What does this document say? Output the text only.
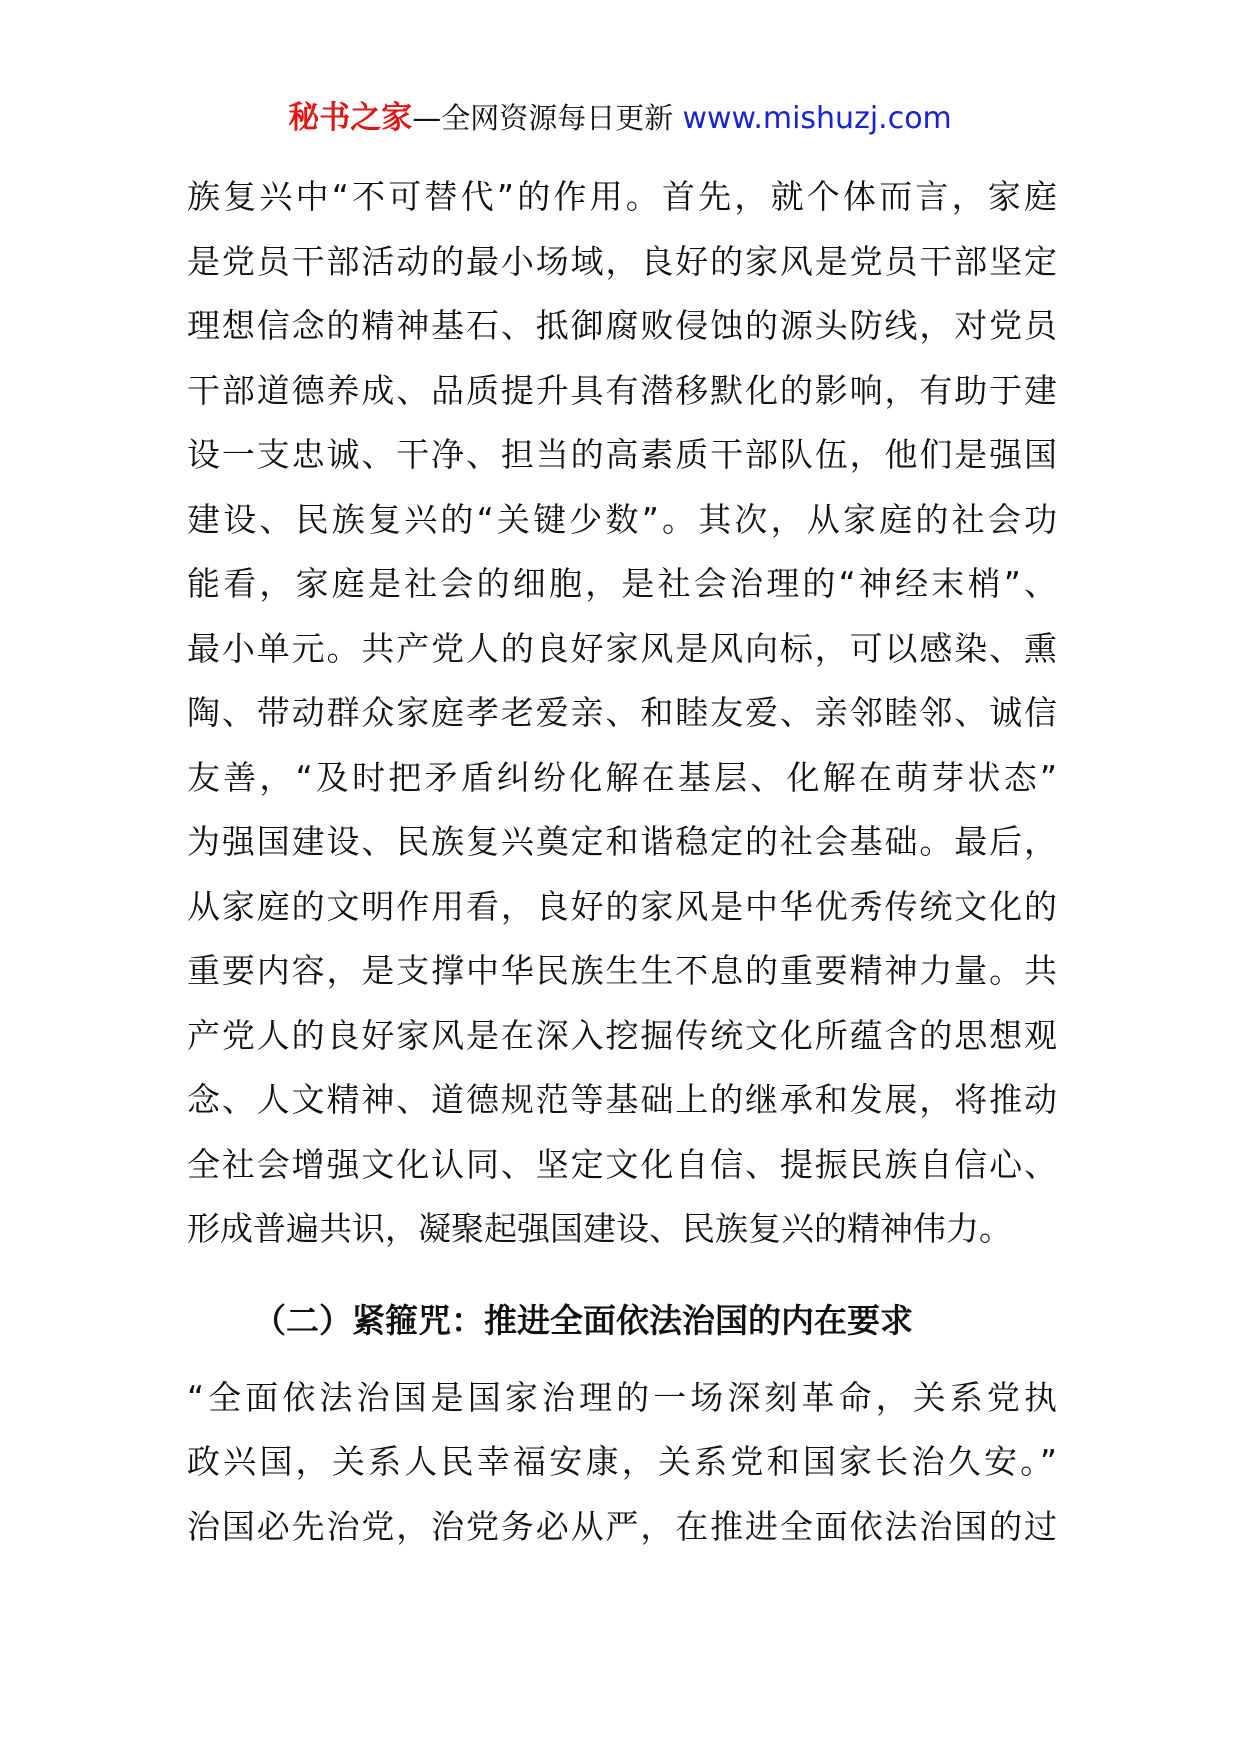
秘书之家—全网资源每日更新 www.mishuzj.com
族复兴中“不可替代”的作用。首先，就个体而言，家庭
是党员干部活动的最小场域，良好的家风是党员干部坚定
理想信念的精神基石、抵御腐败侵蚀的源头防线，对党员
干部道德养成、品质提升具有潜移默化的影响，有助于建
设一支忠诚、干净、担当的高素质干部队伍，他们是强国
建设、民族复兴的“关键少数”。其次，从家庭的社会功
能看，家庭是社会的细胞，是社会治理的“神经末梢”、
最小单元。共产党人的良好家风是风向标，可以感染、熏
陶、带动群众家庭孝老爱亲、和睦友爱、亲邻睦邻、诚信
友善，“及时把矛盾纠纷化解在基层、化解在萌芽状态”
为强国建设、民族复兴奠定和谐稳定的社会基础。最后，
从家庭的文明作用看，良好的家风是中华优秀传统文化的
重要内容，是支撑中华民族生生不息的重要精神力量。共
产党人的良好家风是在深入挖掘传统文化所蕴含的思想观
念、人文精神、道德规范等基础上的继承和发展，将推动
全社会增强文化认同、坚定文化自信、提振民族自信心、
形成普遍共识，凝聚起强国建设、民族复兴的精神伟力。
（二）紧箍咒：推进全面依法治国的内在要求
“全面依法治国是国家治理的一场深刻革命，关系党执
政兴国，关系人民幸福安康，关系党和国家长治久安。”
治国必先治党，治党务必从严，在推进全面依法治国的过
